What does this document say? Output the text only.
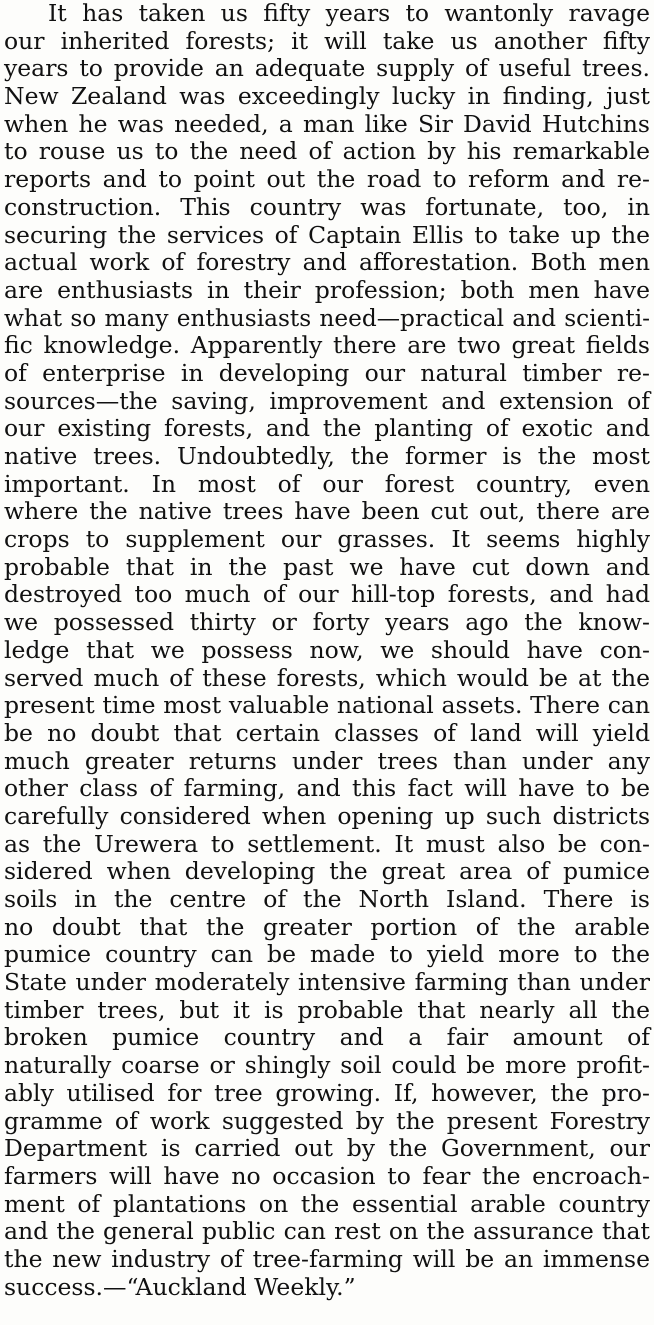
It has taken us fifty years to wantonly ravage
our inherited forests; it will take us another fifty
years to provide an adequate supply of useful trees.
New Zealand was exceedingly lucky in finding, just
when he was needed, a man like Sir David Hutchins
to rouse us to the need of action by his remarkable
reports and to point out the road to reform and re-
construction. This country was fortunate, too, in
securing the services of Captain Ellis to take up the
actual work of forestry and afforestation. Both men
are enthusiasts in their profession; both men have
what so many enthusiasts need—practical and scienti-
fic knowledge. Apparently there are two great fields
of enterprise in developing our natural timber re-
sources—the saving, improvement and extension of
our existing forests, and the planting of exotic and
native trees. Undoubtedly, the former is the most
important. In most of our forest country, even
where the native trees have been cut out, there are
crops to supplement our grasses. It seems highly
probable that in the past we have cut down and
destroyed too much of our hill-top forests, and had
we possessed thirty or forty years ago the know-
ledge that we possess now, we should have con-
served much of these forests, which would be at the
present time most valuable national assets. There can
be no doubt that certain classes of land will yield
much greater returns under trees than under any
other class of farming, and this fact will have to be
carefully considered when opening up such districts
as the Urewera to settlement. It must also be con-
sidered when developing the great area of pumice
soils in the centre of the North Island. There is
no doubt that the greater portion of the arable
pumice country can be made to yield more to the
State under moderately intensive farming than under
timber trees, but it is probable that nearly all the
broken pumice country and a fair amount of
naturally coarse or shingly soil could be more profit-
ably utilised for tree growing. If, however, the pro-
gramme of work suggested by the present Forestry
Department is carried out by the Government, our
farmers will have no occasion to fear the encroach-
ment of plantations on the essential arable country
and the general public can rest on the assurance that
the new industry of tree-farming will be an immense
success.—“Auckland Weekly.”
